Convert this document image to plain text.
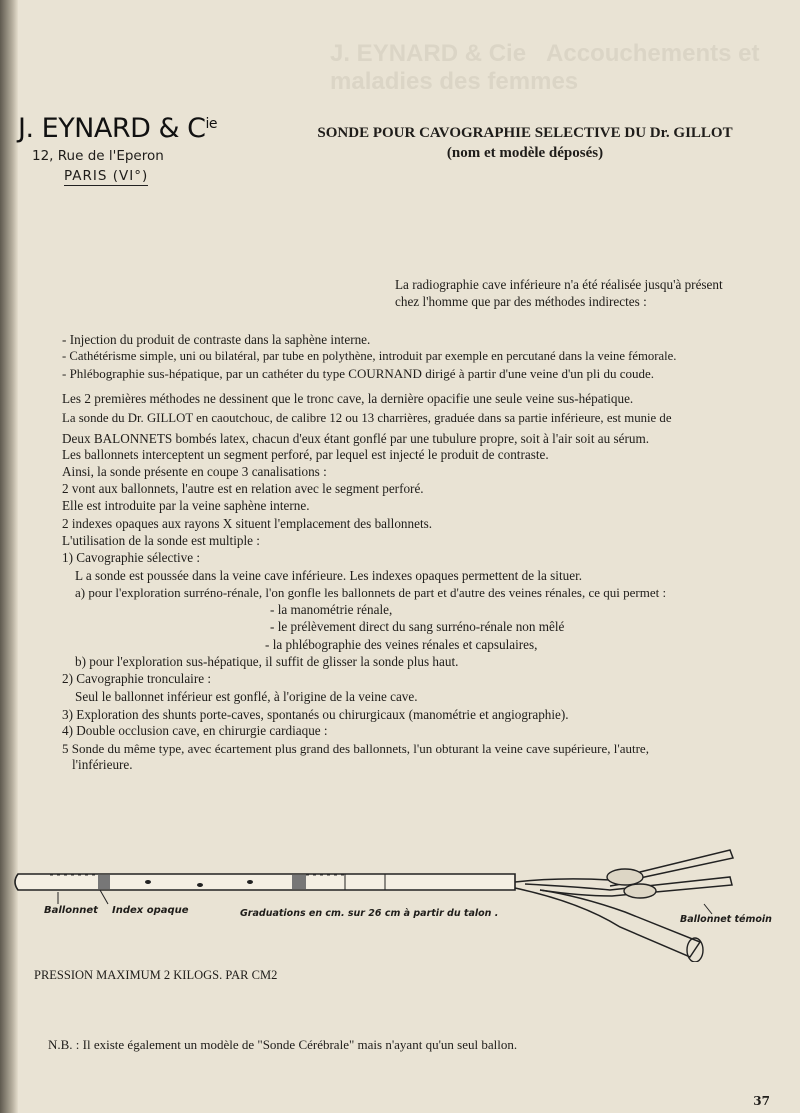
J. EYNARD & Cie   Accouchements et maladies des femmes
J. EYNARD & $C^{ie}$
12, Rue de l'Eperon
PARIS (VI°)
SONDE POUR CAVOGRAPHIE SELECTIVE DU Dr. GILLOT
(nom et modèle déposés)
La radiographie cave inférieure n'a été réalisée jusqu'à présent
chez l'homme que par des méthodes indirectes :
- Injection du produit de contraste dans la saphène interne.
- Cathétérisme simple, uni ou bilatéral, par tube en polythène, introduit par exemple en percutané dans la veine fémorale.
- Phlébographie sus-hépatique, par un cathéter du type COURNAND dirigé à partir d'une veine d'un pli du coude.
Les 2 premières méthodes ne dessinent que le tronc cave, la dernière opacifie une seule veine sus-hépatique.
La sonde du Dr. GILLOT en caoutchouc, de calibre 12 ou 13 charrières, graduée dans sa partie inférieure, est munie de
Deux BALONNETS bombés latex, chacun d'eux étant gonflé par une tubulure propre, soit à l'air soit au sérum.
Les ballonnets interceptent un segment perforé, par lequel est injecté le produit de contraste.
Ainsi, la sonde présente en coupe 3 canalisations :
2 vont aux ballonnets, l'autre est en relation avec le segment perforé.
Elle est introduite par la veine saphène interne.
2 indexes opaques aux rayons X situent l'emplacement des ballonnets.
L'utilisation de la sonde est multiple :
1) Cavographie sélective :
L a sonde est poussée dans la veine cave inférieure. Les indexes opaques permettent de la situer.
a) pour l'exploration surréno-rénale, l'on gonfle les ballonnets de part et d'autre des veines rénales, ce qui permet :
- la manométrie rénale,
- le prélèvement direct du sang surréno-rénale non mêlé
- la phlébographie des veines rénales et capsulaires,
b) pour l'exploration sus-hépatique, il suffit de glisser la sonde plus haut.
2) Cavographie tronculaire :
Seul le ballonnet inférieur est gonflé, à l'origine de la veine cave.
3) Exploration des shunts porte-caves, spontanés ou chirurgicaux (manométrie et angiographie).
4) Double occlusion cave, en chirurgie cardiaque :
5 Sonde du même type, avec écartement plus grand des ballonnets, l'un obturant la veine cave supérieure, l'autre,
l'inférieure.
Ballonnet Index opaque	Graduations en cm. sur 26 cm à partir du talon .
Ballonnet témoin
PRESSION MAXIMUM 2 KILOGS. PAR CM2
N.B. : Il existe également un modèle de "Sonde Cérébrale" mais n'ayant qu'un seul ballon.
37
